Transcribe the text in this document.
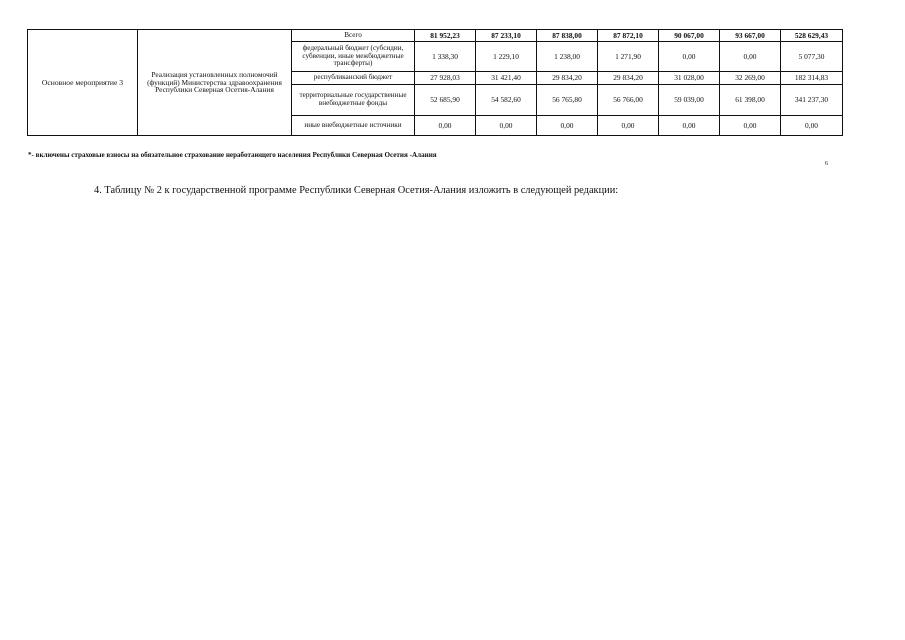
Основное мероприятие 3	Реализация установленных полномочий (функций) Министерства здравоохранения Республики Северная Осетия-Алания	Всего	81 952,23	87 233,10	87 838,00	87 872,10	90 067,00	93 667,00	528 629,43
		федеральный бюджет (субсидии, субвенции, иные межбюджетные трансферты)	1 338,30	1 229,10	1 238,00	1 271,90	0,00	0,00	5 077,30
		республиканский бюджет	27 928,03	31 421,40	29 834,20	29 834,20	31 028,00	32 269,00	182 314,83
		территориальные государственные внебюджетные фонды	52 685,90	54 582,60	56 765,80	56 766,00	59 039,00	61 398,00	341 237,30
		иные внебюджетные источники	0,00	0,00	0,00	0,00	0,00	0,00	0,00
*- включены страховые взносы на обязательное страхование неработающего населения Республики Северная Осетия -Алания
6
4. Таблицу № 2 к государственной программе Республики Северная Осетия-Алания изложить в следующей редакции:
